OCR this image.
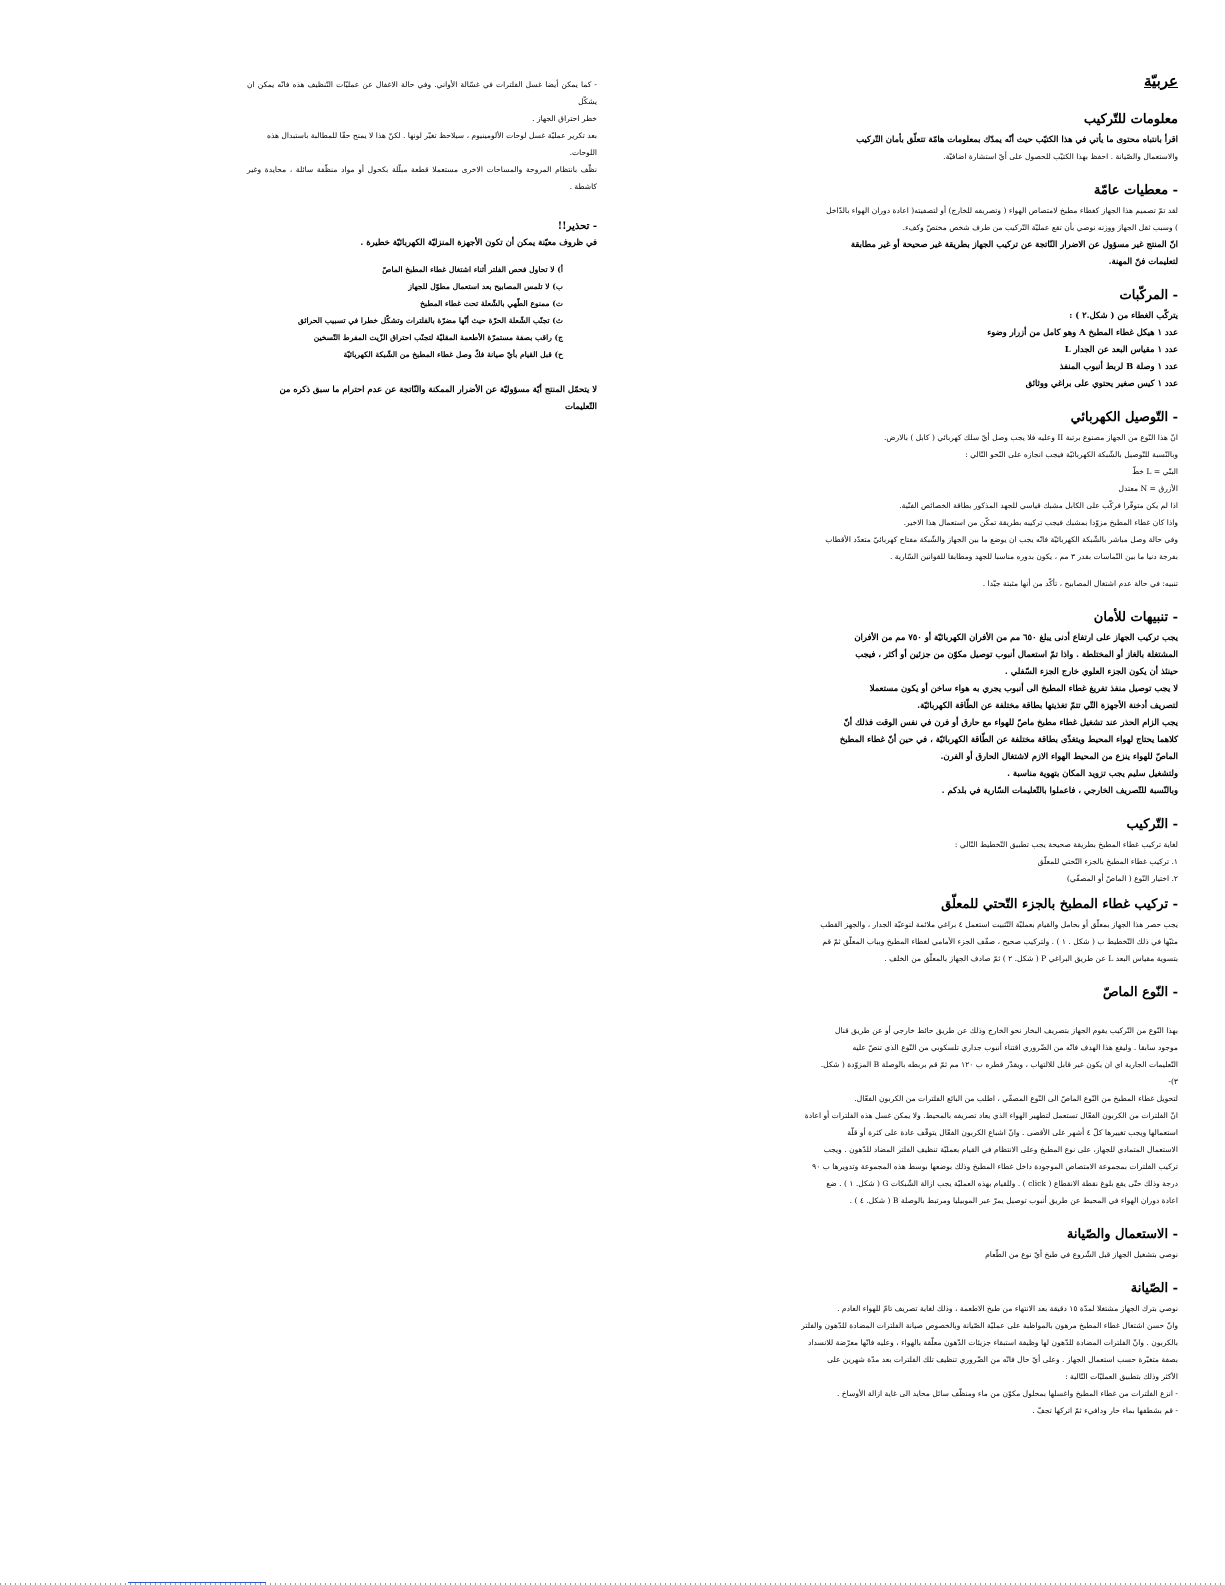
عربيّة
معلومات للتّركيب
اقرأ بانتباه محتوى ما يأتي في هذا الكتيّب حيث أنّه يمدّك بمعلومات هامّة تتعلّق بأمان التّركيب
والاستعمال والصّيانة . احفظ بهذا الكتيّب للحصول على أيّ استشارة اضافيّة.
- معطيات عامّة
لقد تمّ تصميم هذا الجهاز كغطاء مطبخ لامتصاص الهواء ( وتصريفه للخارج) أو لتصفيته( اعادة دوران الهواء بالدّاخل
) وسبب ثقل الجهاز ووزنه نوصي بأن تقع عمليّة التّركيب من طرف شخص مختصّ وكفء.
انّ المنتج غير مسؤول عن الاضرار النّاتجة عن تركيب الجهاز بطريقة غير صحيحة أو غير مطابقة
لتعليمات فنّ المهنة.
- المركّبات
يتركّب الغطاء من ( شكل.٢ ) :
عدد ١ هيكل غطاء المطبخ A وهو كامل من أزرار وضوء
عدد ١ مقياس البعد عن الجدار L
عدد ١ وصلة B لربط أنبوب المنفذ
عدد ١ كيس صغير يحتوي على براغي ووثائق
- التّوصيل الكهربائي
انّ هذا النّوع من الجهاز مصنوع برتبة II وعليه فلا يجب وصل أيّ سلك كهربائي ( كابل ) بالارض.
وبالنّسبة للتّوصيل بالشّبكة الكهربائيّة فيجب انجازه على النّحو التّالي :
البنّي = L خطّ
الأزرق = N معتدل
اذا لم يكن متوفّرا فركّب على الكابل مشبك قياسي للجهد المذكور بطاقة الخصائص الفنّية.
واذا كان غطاء المطبخ مزوّدا بمشبك فيجب تركيبه بطريقة تمكّن من استعمال هذا الاخير.
وفي حالة وصل مباشر بالشّبكة الكهربائيّة فانّه يجب ان يوضع ما بين الجهاز والشّبكة مفتاح كهربائيّ متعدّد الأقطاب
بفرجة دنيا ما بين التّماسات بقدر ٣ مم ، يكون بدوره مناسبا للجهد ومطابقا للقوانين السّارية .
تنبيه: في حالة عدم اشتغال المصابيح ، تأكّد من أنها مثبتة جيّدا .
- تنبيهات للأمان
يجب تركيب الجهاز على ارتفاع أدنى يبلغ ٦٥٠ مم من الأفران الكهربائيّة أو ٧٥٠ مم من الأفران
المشتغلة بالغاز أو المختلطة . واذا تمّ استعمال أنبوب توصيل مكوّن من جزئين أو أكثر ، فيجب
حينئذ أن يكون الجزء العلوي خارج الجزء السّفلي .
لا يجب توصيل منفذ تفريغ غطاء المطبخ الى أنبوب يجري به هواء ساخن أو يكون مستعملا
لتصريف أدخنة الأجهزة التّي تتمّ تغذيتها بطاقة مختلفة عن الطّاقة الكهربائيّة.
يجب الزام الحذر عند تشغيل غطاء مطبخ ماصّ للهواء مع حارق أو فرن في نفس الوقت فذلك أنّ
كلاهما يحتاج لهواء المحيط ويتغذّى بطاقة مختلفة عن الطّاقة الكهربائيّة ، في حين أنّ غطاء المطبخ
الماصّ للهواء ينزع من المحيط الهواء الازم لاشتغال الحارق أو الفرن.
ولتشغيل سليم يجب تزويد المكان بتهوية مناسبة .
وبالنّسبة للتّصريف الخارجي ، فاعملوا بالتّعليمات السّارية في بلدكم .
- التّركيب
لغاية تركيب غطاء المطبخ بطريقة صحيحة يجب تطبيق التّخطيط التّالي :
١. تركيب غطاء المطبخ بالجزء التّحتي للمعلّق
٢. اختيار النّوع ( الماصّ أو المصفّي)
- تركيب غطاء المطبخ بالجزء التّحتي للمعلّق
يجب حصر هذا الجهاز بمعلّق أو بحامل والقيام بعمليّة التّثبيت استعمل ٤ براغي ملائمة لنوعيّة الجدار ، والجهز القطب
مثبّها في ذلك التّخطيط ب ( شكل . ١ ) . ولتركيب صحيح ، صفّف الجزء الأمامي لغطاء المطبخ وبباب المعلّق ثمّ قم
بتسوية مقياس البعد L عن طريق البراغي P ( شكل. ٢ ) ثمّ صادف الجهاز بالمعلّق من الخلف .
- النّوع الماصّ
بهذا النّوع من التّركيب يقوم الجهاز بتصريف البخار نحو الخارج وذلك عن طريق حائط خارجي أو عن طريق قنال
موجود سابقا . وليقع هذا الهدف فانّه من الضّروري اقتناء أنبوب جداري تلسكوبي من النّوع الذي تنصّ عليه
التّعليمات الجارية اي ان يكون غير قابل للالتهاب ، ويقدّر قطره ب ١٢٠ مم ثمّ قم بربطه بالوصلة B المزوّدة ( شكل.
٣)-
لتحويل غطاء المطبخ من النّوع الماصّ الى النّوع المصفّي ، اطلب من البائع الفلترات من الكربون الفعّال.
انّ الفلترات من الكربون الفعّال تستعمل لتطهير الهواء الذي يعاد تصريفه بالمحيط. ولا يمكن غسل هذه الفلترات أو اعادة
استعمالها ويجب تغييرها كلّ ٤ أشهر على الأقصى . وانّ اشباع الكربون الفعّال يتوقّف عادة على كثرة أو قلّة
الاستعمال المتمادي للجهاز، على نوع المطبخ وعلى الانتظام في القيام بعمليّة تنظيف الفلتر المضاد للدّهون . ويجب
تركيب الفلترات بمجموعة الامتصاص الموجودة داخل غطاء المطبخ وذلك بوضعها بوسط هذه المجموعة وتدويرها ب ٩٠
درجة وذلك حتّى يقع بلوغ نقطة الانقطاع ( click ) . وللقيام بهذه العمليّة يجب ازالة الشّبكات G ( شكل. ١ ) . ضع
اعادة دوران الهواء في المحيط عن طريق أنبوب توصيل يمرّ عبر الموبيليا ومرتبط بالوصلة B ( شكل. ٤ ) .
- الاستعمال والصّيانة
نوصي بتشغيل الجهاز قبل الشّروع في طبخ أيّ نوع من الطّعام
- الصّيانة
نوصي بترك الجهاز مشتغلا لمدّة ١٥ دقيقة بعد الانتهاء من طبخ الاطعمة ، وذلك لغاية تصريف تامّ للهواء العادم .
وانّ حسن اشتغال غطاء المطبخ مرهون بالمواظبة على عمليّة الصّيانة وبالخصوص صيانة الفلترات المضادة للدّهون والفلتر
بالكربون . وانّ الفلترات المضادة للدّهون لها وظيفة استبقاء جزيئات الدّهون معلّقة بالهواء ، وعليه فانّها معرّضة للانسداد
بصفة متغيّرة حسب استعمال الجهاز . وعلى أيّ حال فانّه من الضّروري تنظيف تلك الفلترات بعد مدّة شهرين على
الأكثر وذلك بتطبيق العمليّات التّالية :
- انزع الفلترات من غطاء المطبخ واغسلها بمحلول مكوّن من ماء ومنظّف سائل محايد الى غاية ازالة الأوساخ .
- قم بشطفها بماء حار ودافيء ثمّ اتركها تجفّ .
- كما يمكن أيضا غسل الفلترات في غسّالة الأواني. وفي حالة الاغفال عن عمليّات التّنظيف هذه فانّه يمكن ان يشكّل
خطر احتراق الجهاز .
بعد تكرير عمليّة غسل لوحات الألومينيوم ، سيلاحظ تغيّر لونها . لكنّ هذا لا يمنح حقّا للمطالبة باستبدال هذه
اللوحات.
نظّف بانتظام المروحة والمساحات الاخرى مستعملا قطعة مبلّلة بكحول أو مواد منظّفة سائلة ، محايدة وغير كاشطة .
- تحذير!!
في ظروف معيّنة يمكن أن تكون الأجهزة المنزليّة الكهربائيّة خطيرة .
أ) لا تحاول فحص الفلتر أثناء اشتغال غطاء المطبخ الماصّ
ب) لا تلمس المصابيح بعد استعمال مطوّل للجهاز
ت) ممنوع الطّهي بالشّعلة تحت غطاء المطبخ
ث) تجنّب الشّعلة الحرّة حيث أنّها مضرّة بالفلترات وتشكّل خطرا في تسبيب الحرائق
ج) راقب بصفة مستمرّة الأطعمة المقليّة لتجنّب احتراق الزّيت المفرط التّسخين
ح) قبل القيام بأيّ صيانة فكّ وصل غطاء المطبخ من الشّبكة الكهربائيّة
لا يتحمّل المنتج أيّة مسؤوليّة عن الأضرار الممكنة والنّاتجة عن عدم احترام ما سبق ذكره من
التّعليمات
